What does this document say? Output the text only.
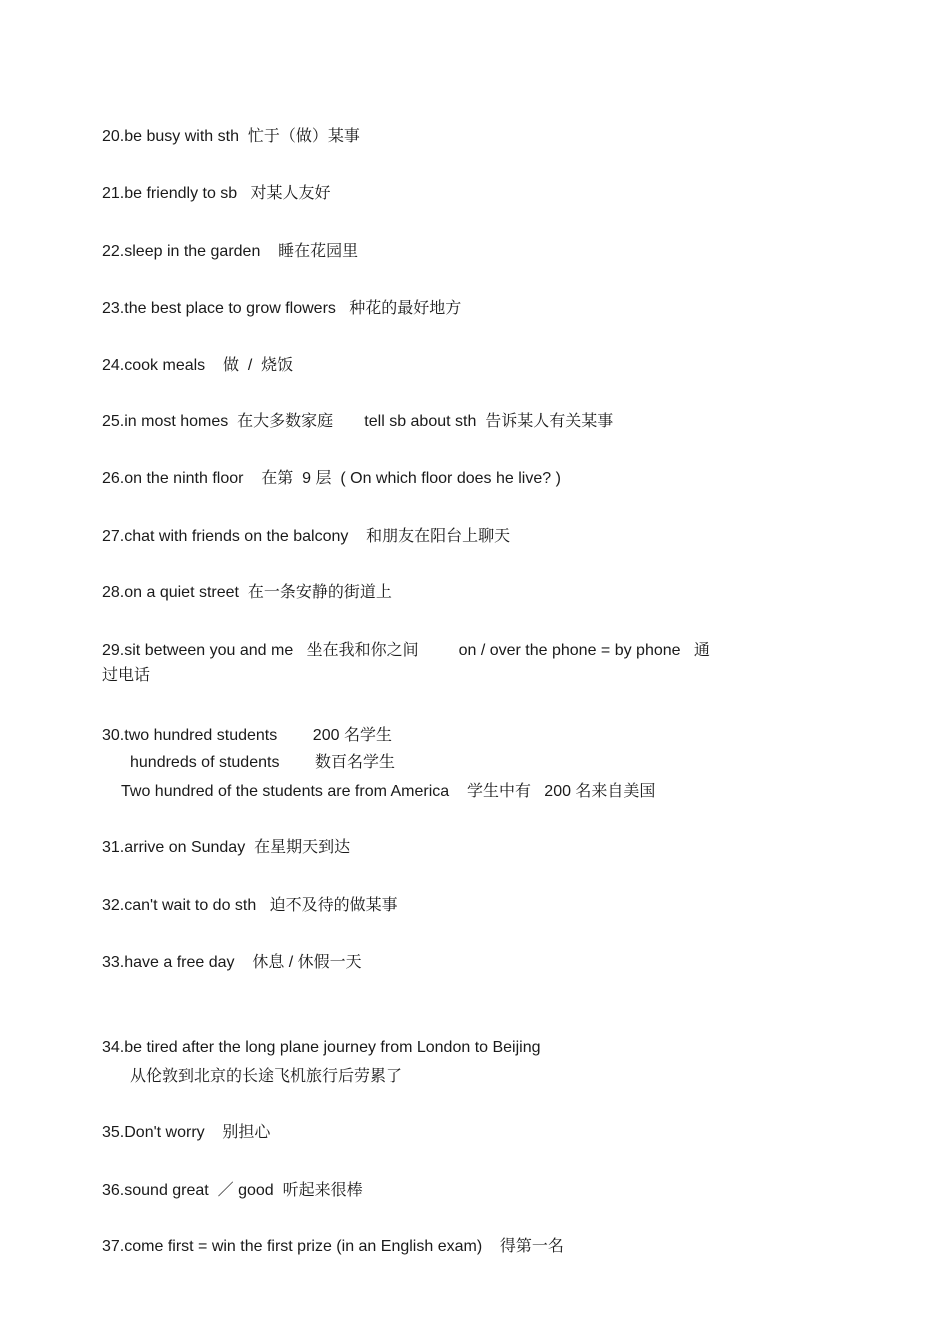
20.be busy with sth  忙于（做）某事
21.be friendly to sb   对某人友好
22.sleep in the garden    睡在花园里
23.the best place to grow flowers   种花的最好地方
24.cook meals    做  /  烧饭
25.in most homes  在大多数家庭       tell sb about sth  告诉某人有关某事
26.on the ninth floor    在第  9 层  ( On which floor does he live? )
27.chat with friends on the balcony    和朋友在阳台上聊天
28.on a quiet street  在一条安静的街道上
29.sit between you and me   坐在我和你之间         on / over the phone = by phone   通
过电话
30.two hundred students        200 名学生
hundreds of students        数百名学生
Two hundred of the students are from America    学生中有   200 名来自美国
31.arrive on Sunday  在星期天到达
32.can't wait to do sth   迫不及待的做某事
33.have a free day    休息 / 休假一天
34.be tired after the long plane journey from London to Beijing
从伦敦到北京的长途飞机旅行后劳累了
35.Don't worry    别担心
36.sound great  ／ good  听起来很棒
37.come first = win the first prize (in an English exam)    得第一名
